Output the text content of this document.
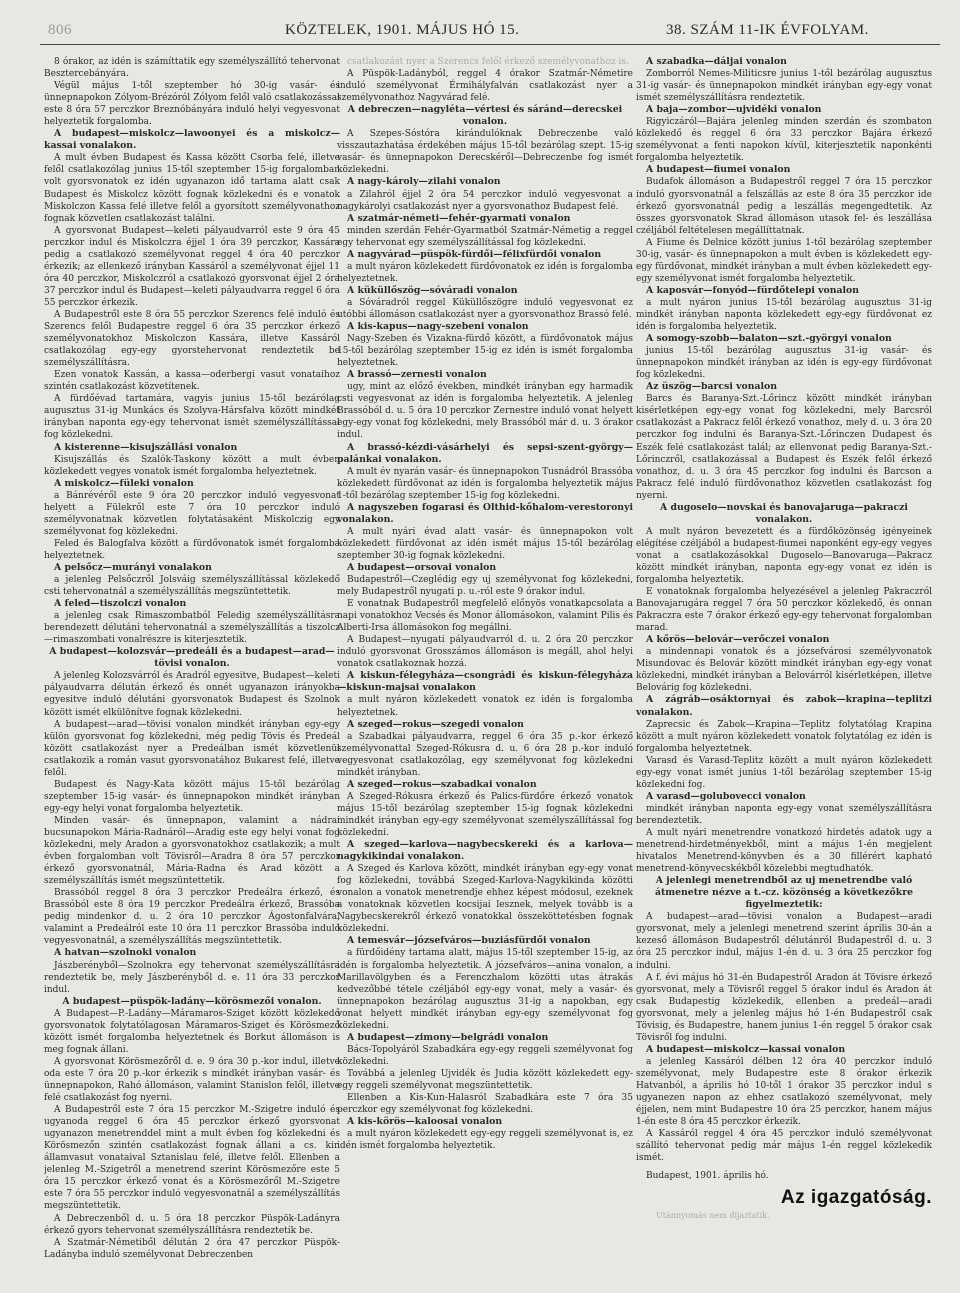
806	KÖZTELEK, 1901. MÁJUS HÓ 15.	38. SZÁM 11-IK ÉVFOLYAM.

8 órakor, az idén is számíttatik egy személyszállító tehervonat Besztercebányára.

Végül május 1-től szeptember hó 30-ig vasár- és ünnepnapokon Zólyom-Brézóról Zólyom felől való csatlakozással este 8 óra 57 perczkor Breznóbányára induló helyi vegyesvonat helyeztetik forgalomba.

A budapest—miskolcz—lawoonyei és a miskolcz—kassai vonalakon.

A mult évben Budapest és Kassa között Csorba felé, illetve felől csatlakozólag junius 15-től szeptember 15-ig forgalomban volt gyorsvonatok ez idén ugyanazon idő tartama alatt csak Budapest és Miskolcz között fognak közlekedni és e vonatok Miskolczon Kassa felé illetve felől a gyorsított személyvonathoz fognak közvetlen csatlakozást találni.

A gyorsvonat Budapest—keleti pályaudvarról este 9 óra 45 perczkor indul és Miskolczra éjjel 1 óra 39 perczkor, Kassára pedig a csatlakozó személyvonat reggel 4 óra 40 perczkor érkezik; az ellenkező irányban Kassáról a személyvonat éjjel 11 óra 40 perczkor, Miskolczról a csatlakozó gyorsvonat éjjel 2 óra 37 perczkor indul és Budapest—keleti pályaudvarra reggel 6 óra 55 perczkor érkezik.

A Budapestről este 8 óra 55 perczkor Szerencs felé induló és Szerencs felől Budapestre reggel 6 óra 35 perczkor érkező személyvonatokhoz Miskolczon Kassára, illetve Kassáról csatlakozólag egy-egy gyorstehervonat rendeztetik be személyszállításra.

Ezen vonatok Kassán, a kassa—oderbergi vasut vonataihoz szintén csatlakozást közvetítenek.

A fürdőévad tartamára, vagyis junius 15-től bezárólag augusztus 31-ig Munkács és Szolyva-Hársfalva között mindkét irányban naponta egy-egy tehervonat ismét személyszállítással fog közlekedni.

A kisterenne—kisujszállási vonalon

Kisujszállás és Szalók-Taskony között a mult évben közlekedett vegyes vonatok ismét forgalomba helyeztetnek.

A miskolcz—füleki vonalon

a Bánrévéről este 9 óra 20 perczkor induló vegyesvonat helyett a Fülekről este 7 óra 10 perczkor induló személyvonatnak közvetlen folytatásaként Miskolczig egy személyvonat fog közlekedni.

Feled és Balogfalva között a fürdővonatok ismét forgalomba helyeztetnek.

A pelsőcz—murányi vonalakon

a jelenleg Pelsőczről Jolsváig személyszállítással közlekedő csti tehervonatnál a személyszállítás megszüntettetik.

A feled—tiszolczi vonalon

a jelenleg csak Rimaszombatból Feledig személyszállításra berendezett délutáni tehervonatnál a személyszállítás a tiszolcz—rimaszombati vonalrészre is kiterjesztetik.

A budapest—kolozsvár—predeáli és a budapest—arad—tövisi vonalon.

A jelenleg Kolozsvárról és Aradról egyesitve, Budapest—keleti pályaudvarra délután érkező és onnét ugyanazon irányokba egyesitve induló délutáni gyorsvonatok Budapest és Szolnok között ismét elkülönítve fognak közlekedni.

A budapest—arad—tövisi vonalon mindkét irányban egy-egy külön gyorsvonat fog közlekedni, még pedig Tövis és Predeál között csatlakozást nyer a Predeálban ismét közvetlenül csatlakozik a román vasut gyorsvonatához Bukarest felé, illetve felől.

Budapest és Nagy-Kata között május 15-től bezárólag szeptember 15-ig vasár- és ünnepnapokon mindkét irányban egy-egy helyi vonat forgalomba helyeztetik.

Minden vasár- és ünnepnapon, valamint a nádrai bucsunapokon Mária-Radnáról—Aradig este egy helyi vonat fog közlekedni, mely Aradon a gyorsvonatokhoz csatlakozik; a mult évben forgalomban volt Tövisről—Aradra 8 óra 57 perczkor érkező gyorsvonatnál, Mária-Radna és Arad között a személyszállítás ismét megszüntettetik.

Brassóból reggel 8 óra 3 perczkor Predeálra érkező, és Brassóból este 8 óra 19 perczkor Predeálra érkező, Brassóba pedig mindenkor d. u. 2 óra 10 perczkor Ágostonfalvára, valamint a Predeálról este 10 óra 11 perczkor Brassóba induló vegyesvonatnál, a személyszállítás megszüntettetik.

A hatvan—szolnoki vonalon

Jászberényből—Szolnokra egy tehervonat személyszállításra rendeztetik be, mely Jászberényből d. e. 11 óra 33 perczkor indul.

A budapest—püspök-ladány—körösmezői vonalon.

A Budapest—P.-Ladány—Máramaros-Sziget között közlekedő gyorsvonatok folytatólagosan Máramaros-Sziget és Körösmező között ismét forgalomba helyeztetnek és Borkut állomáson is meg fognak állani.

A gyorsvonat Körösmezőről d. e. 9 óra 30 p.-kor indul, illetve oda este 7 óra 20 p.-kor érkezik s mindkét irányban vasár- és ünnepnapokon, Rahó állomáson, valamint Stanislon felől, illetve felé csatlakozást fog nyerni.

A Budapestről este 7 óra 15 perczkor M.-Szigetre induló és ugyanoda reggel 6 óra 45 perczkor érkező gyorsvonat ugyanazon menetrenddel mint a mult évben fog közlekedni és Körösmezőn szintén csatlakozást fognak állani a cs. kir. államvasut vonataival Sztanislau felé, illetve felől. Ellenben a jelenleg M.-Szigetről a menetrend szerint Körösmezőre este 5 óra 15 perczkor érkező vonat és a Körösmezőről M.-Szigetre este 7 óra 55 perczkor induló vegyesvonatnál a személyszállítás megszüntettetik.

A Debreczenből d. u. 5 óra 18 perczkor Püspök-Ladányra érkező gyors tehervonat személyszállításra rendeztetik be.

A Szatmár-Németiből délután 2 óra 47 perczkor Püspök-Ladányba induló személyvonat Debreczenben

csatlakozást nyer a Szerencs felől érkező személyvonathoz is.

A Püspök-Ladányból, reggel 4 órakor Szatmár-Németire induló személyvonat Érmihályfalván csatlakozást nyer a személyvonathoz Nagyvárad felé.

A debreczen—nagyléta—vértesi és sáránd—derecskei vonalon.

A Szepes-Sóstóra kirándulóknak Debreczenbe való visszautazhatása érdekében május 15-től bezárólag szept. 15-ig vasár- és ünnepnapokon Derecskéről—Debreczenbe fog ismét közlekedni.

A nagy-károly—zilahi vonalon

a Zilahról éjjel 2 óra 54 perczkor induló vegyesvonat a nagykárolyi csatlakozást nyer a gyorsvonathoz Budapest felé.

A szatmár-németi—fehér-gyarmati vonalon

minden szerdán Fehér-Gyarmatból Szatmár-Németig a reggel egy tehervonat egy személyszállítással fog közlekedni.

A nagyvárad—püspök-fürdői—félixfürdői vonalon

a mult nyáron közlekedett fürdővonatok ez idén is forgalomba helyeztetnek.

A küküllőszög—sóváradi vonalon

a Sóváradról reggel Küküllőszögre induló vegyesvonat ez utóbbi állomáson csatlakozást nyer a gyorsvonathoz Brassó felé.

A kis-kapus—nagy-szebeni vonalon

Nagy-Szeben és Vizakna-fürdő között, a fürdővonatok május 15-től bezárólag szeptember 15-ig ez idén is ismét forgalomba helyeztetnek.

A brassó—zernesti vonalon

ugy, mint az előző években, mindkét irányban egy harmadik csti vegyesvonat az idén is forgalomba helyeztetik. A jelenleg Brassóból d. u. 5 óra 10 perczkor Zernestre induló vonat helyett egy-egy vonat fog közlekedni, mely Brassóból már d. u. 3 órakor indul.

A brassó-kézdi-vásárhelyi és sepsi-szent-györgy—palánkai vonalakon.

A mult év nyarán vasár- és ünnepnapokon Tusnádról Brassóba közlekedett fürdővonat az idén is forgalomba helyeztetik május 1-től bezárólag szeptember 15-ig fog közlekedni.

A nagyszeben fogarasi és Olthid-kőhalom-verestoronyi vonalakon.

A mult nyári évad alatt vasár- és ünnepnapokon volt közlekedett fürdővonat az idén ismét május 15-től bezárólag szeptember 30-ig fognak közlekedni.

A budapest—orsovai vonalon

Budapestről—Czeglédig egy uj személyvonat fog közlekedni, mely Budapestről nyugati p. u.-ról este 9 órakor indul.

E vonatnak Budapestről megfelelő előnyös vonatkapcsolata a napi vonatokhoz Vecsés és Monor állomásokon, valamint Pilis és Alberti-Irsa állomásokon fog megállni.

A Budapest—nyugati pályaudvarról d. u. 2 óra 20 perczkor induló gyorsvonat Grosszámos állomáson is megáll, ahol helyi vonatok csatlakoznak hozzá.

A kiskun-félegyháza—csongrádi és kiskun-félegyháza—kiskun-majsai vonalakon

a mult nyáron közlekedett vonatok ez idén is forgalomba helyeztetnek.

A szeged—rokus—szegedi vonalon

a Szabadkai pályaudvarra, reggel 6 óra 35 p.-kor érkező személyvonattal Szeged-Rókusra d. u. 6 óra 28 p.-kor induló vegyesvonat csatlakozólag, egy személyvonat fog közlekedni mindkét irányban.

A szeged—rokus—szabadkai vonalon

A Szeged-Rókusra érkező és Palics-fürdőre érkező vonatok május 15-től bezárólag szeptember 15-ig fognak közlekedni mindkét irányban egy-egy személyvonat személyszállítással fog közlekedni.

A szeged—karlova—nagybecskereki és a karlova—nagykikindai vonalakon.

A Szeged és Karlova között, mindkét irányban egy-egy vonat fog közlekedni, továbbá Szeged-Karlova-Nagykikinda közötti vonalon a vonatok menetrendje ehhez képest módosul, ezeknek a vonatoknak közvetlen kocsijai lesznek, melyek tovább is a Nagybecskerekről érkező vonatokkal összeköttetésben fognak közlekedni.

A temesvár—józsefváros—buziásfürdői vonalon

a fürdőidény tartama alatt, május 15-től szeptember 15-ig, az idén is forgalomba helyeztetik. A józsefváros—anina vonalon, a Marillavölgyben és a Ferenczhalom közötti utas átrakás kedvezőbbé tétele czéljából egy-egy vonat, mely a vasár- és ünnepnapokon bezárólag augusztus 31-ig a napokban, egy vonat helyett mindkét irányban egy-egy személyvonat fog közlekedni.

A budapest—zimony—belgrádi vonalon

Bács-Topolyáról Szabadkára egy-egy reggeli személyvonat fog közlekedni.

Továbbá a jelenleg Ujvidék és Judia között közlekedett egy-egy reggeli személyvonat megszüntettetik.

Ellenben a Kis-Kun-Halasról Szabadkára este 7 óra 35 perczkor egy személyvonat fog közlekedni.

A kis-körös—kaloosai vonalon

a mult nyáron közlekedett egy-egy reggeli személyvonat is, ez idén ismét forgalomba helyeztetik.

A szabadka—dáljai vonalon

Zomborról Nemes-Militicsre junius 1-től bezárólag augusztus 31-ig vasár- és ünnepnapokon mindkét irányban egy-egy vonat ismét személyszállításra rendeztetik.

A baja—zombor—ujvidéki vonalon

Rigyiczáról—Bajára jelenleg minden szerdán és szombaton közlekedő és reggel 6 óra 33 perczkor Bajára érkező személyvonat a fenti napokon kívül, kiterjesztetik naponkénti forgalomba helyeztetik.

A budapest—fiumei vonalon

Budafok állomáson a Budapestről reggel 7 óra 15 perczkor induló gyorsvonatnál a felszállás az este 8 óra 35 perczkor ide érkező gyorsvonatnál pedig a leszállás megengedtetik. Az összes gyorsvonatok Skrad állomáson utasok fel- és leszállása czéljából feltételesen megállíttatnak.

A Fiume és Delnice között junius 1-től bezárólag szeptember 30-ig, vasár- és ünnepnapokon a mult évben is közlekedett egy-egy fürdővonat, mindkét irányban a mult évben közlekedett egy-egy személyvonat ismét forgalomba helyeztetik.

A kaposvár—fonyód—fürdőtelepi vonalon

a mult nyáron junius 15-től bezárólag augusztus 31-ig mindkét irányban naponta közlekedett egy-egy fürdővonat ez idén is forgalomba helyeztetik.

A somogy-szobb—balaton—szt.-györgyi vonalon

junius 15-től bezárólag augusztus 31-ig vasár- és ünnepnapokon mindkét irányban az idén is egy-egy fürdővonat fog közlekedni.

Az üszög—barcsi vonalon

Barcs és Baranya-Szt.-Lőrincz között mindkét irányban kisérletképen egy-egy vonat fog közlekedni, mely Barcsról csatlakozást a Pakracz felől érkező vonathoz, mely d. u. 3 óra 20 perczkor fog indulni és Baranya-Szt.-Lőrinczen Dudapest és Eszék felé csatlakozást talál; az ellenvonat pedig Baranya-Szt.-Lőrinczről, csatlakozással a Budapest és Eszék felől érkező vonathoz, d. u. 3 óra 45 perczkor fog indulni és Barcson a Pakracz felé induló fürdővonathoz közvetlen csatlakozást fog nyerni.

A dugoselo—novskai és banovajaruga—pakraczi vonalakon.

A mult nyáron bevezetett és a fürdőközönség igényeinek elégítése czéljából a budapest-fiumei naponként egy-egy vegyes vonat a csatlakozásokkal Dugoselo—Banovaruga—Pakracz között mindkét irányban, naponta egy-egy vonat ez idén is forgalomba helyeztetik.

E vonatoknak forgalomba helyezésével a jelenleg Pakraczról Banovajarugára reggel 7 óra 50 perczkor közlekedő, és onnan Pakraczra este 7 órakor érkező egy-egy tehervonat forgalomban marad.

A kőrös—belovár—verőczei vonalon

a mindennapi vonatok és a józsefvárosi személyvonatok Misundovac és Belovár között mindkét irányban egy-egy vonat közlekedni, mindkét irányban a Belovárról kisérletképen, illetve Belovárig fog közlekedni.

A zágráb—osáktornyai és zabok—krapina—teplitzi vonalakon.

Zaprecsic és Zabok—Krapina—Teplitz folytatólag Krapina között a mult nyáron közlekedett vonatok folytatólag ez idén is forgalomba helyeztetnek.

Varasd és Varasd-Teplitz között a mult nyáron közlekedett egy-egy vonat ismét junius 1-től bezárólag szeptember 15-ig közlekedni fog.

A varasd—golubovecci vonalon

mindkét irányban naponta egy-egy vonat személyszállításra berendeztetik.

A mult nyári menetrendre vonatkozó hirdetés adatok ugy a menetrend-hirdetményekből, mint a május 1-én megjelent hivatalos Menetrend-könyvben és a 30 fillérért kapható menetrend-könyvecskékből közelebbi megtudhatók.

A jelenlegi menetrendből az uj menetrendbe való átmenetre nézve a t.-cz. közönség a következőkre figyelmeztetik:

A budapest—arad—tövisi vonalon a Budapest—aradi gyorsvonat, mely a jelenlegi menetrend szerint április 30-án a kezeső állomáson Budapestről délutánról Budapestről d. u. 3 óra 25 perczkor indul, május 1-én d. u. 3 óra 25 perczkor fog indulni.

A f. évi május hó 31-én Budapestről Aradon át Tövisre érkező gyorsvonat, mely a Tövisről reggel 5 órakor indul és Aradon át csak Budapestig közlekedik, ellenben a predeál—aradi gyorsvonat, mely a jelenleg május hó 1-én Budapestről csak Tövisig, és Budapestre, hanem junius 1-én reggel 5 órakor csak Tövisről fog indulni.

A budapest—miskolcz—kassai vonalon

a jelenleg Kassáról délben 12 óra 40 perczkor induló személyvonat, mely Budapestre este 8 órakor érkezik Hatvanból, a április hó 10-től 1 órakor 35 perczkor indul s ugyanezen napon az ehhez csatlakozó személyvonat, mely éjjelen, nem mint Budapestre 10 óra 25 perczkor, hanem május 1-én este 8 óra 45 perczkor érkezik.

A Kassáról reggel 4 óra 45 perczkor induló személyvonat szállító tehervonat pedig már május 1-én reggel közlekedik ismét.

Budapest, 1901. április hó.

Az igazgatóság.

Utánnyomás nem díjaztatik.
